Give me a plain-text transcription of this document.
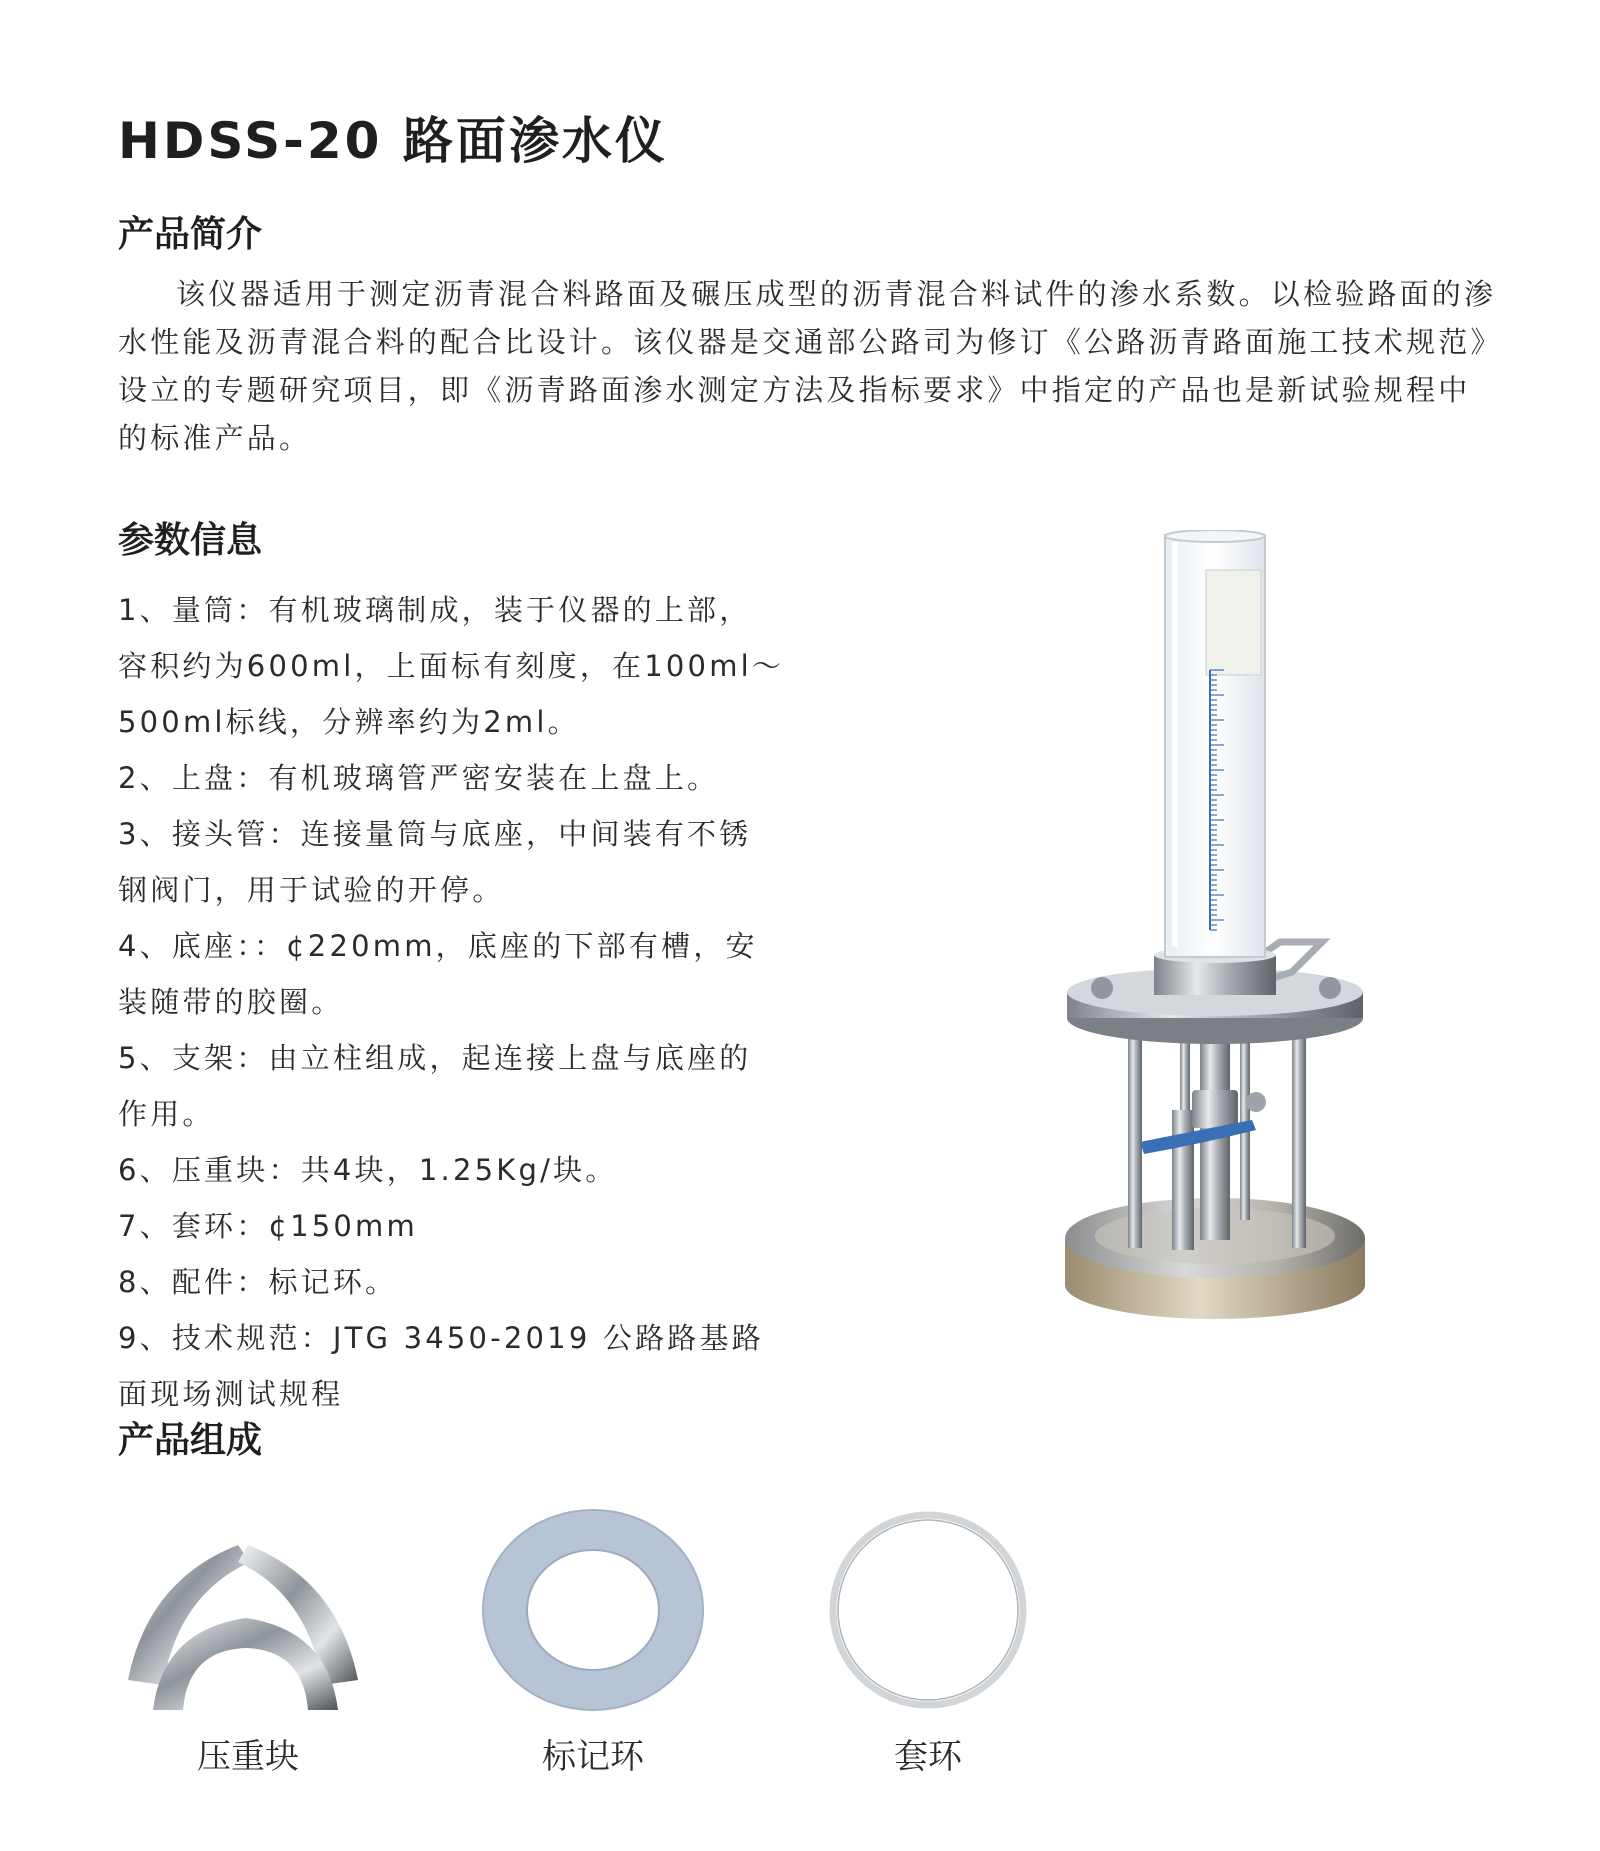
HDSS-20 路面渗水仪
产品简介

该仪器适用于测定沥青混合料路面及碾压成型的沥青混合料试件的渗水系数。以检验路面的渗水性能及沥青混合料的配合比设计。该仪器是交通部公路司为修订《公路沥青路面施工技术规范》设立的专题研究项目，即《沥青路面渗水测定方法及指标要求》中指定的产品也是新试验规程中的标准产品。

参数信息
1、量筒：有机玻璃制成，装于仪器的上部，
容积约为600ml，上面标有刻度，在100ml～
500ml标线，分辨率约为2ml。
2、上盘：有机玻璃管严密安装在上盘上。
3、接头管：连接量筒与底座，中间装有不锈
钢阀门，用于试验的开停。
4、底座：：¢220mm，底座的下部有槽，安
装随带的胶圈。
5、支架：由立柱组成，起连接上盘与底座的
作用。
6、压重块：共4块，1.25Kg/块。
7、套环：¢150mm
8、配件：标记环。
9、技术规范：JTG 3450-2019 公路路基路
面现场测试规程
产品组成
压重块	标记环	套环
